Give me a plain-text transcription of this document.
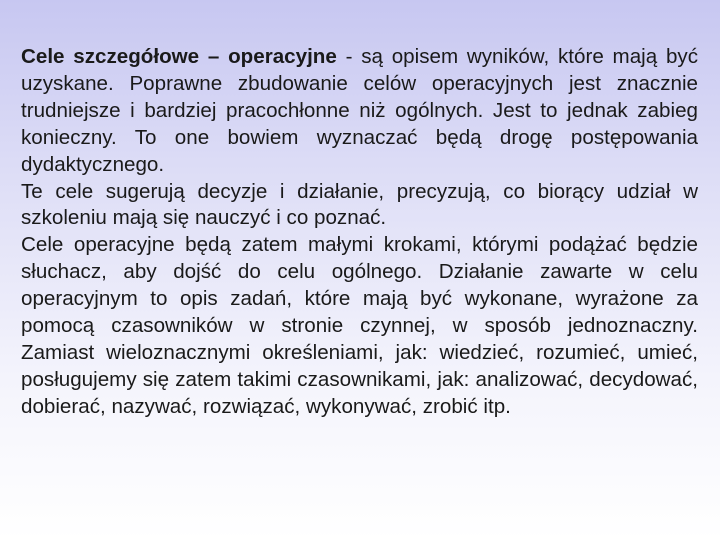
Cele szczegółowe – operacyjne - są opisem wyników, które mają być uzyskane. Poprawne zbudowanie celów operacyjnych jest znacznie trudniejsze i bardziej pracochłonne niż ogólnych. Jest to jednak zabieg konieczny. To one bowiem wyznaczać będą drogę postępowania dydaktycznego.

Te cele sugerują decyzje i działanie, precyzują, co biorący udział w szkoleniu mają się nauczyć i co poznać.

Cele operacyjne będą zatem małymi krokami, którymi podążać będzie słuchacz, aby dojść do celu ogólnego. Działanie zawarte w celu operacyjnym to opis zadań, które mają być wykonane, wyrażone za pomocą czasowników w stronie czynnej, w sposób jednoznaczny. Zamiast wieloznacznymi określeniami, jak: wiedzieć, rozumieć, umieć, posługujemy się zatem takimi czasownikami, jak: analizować, decydować, dobierać, nazywać, rozwiązać, wykonywać, zrobić itp.
